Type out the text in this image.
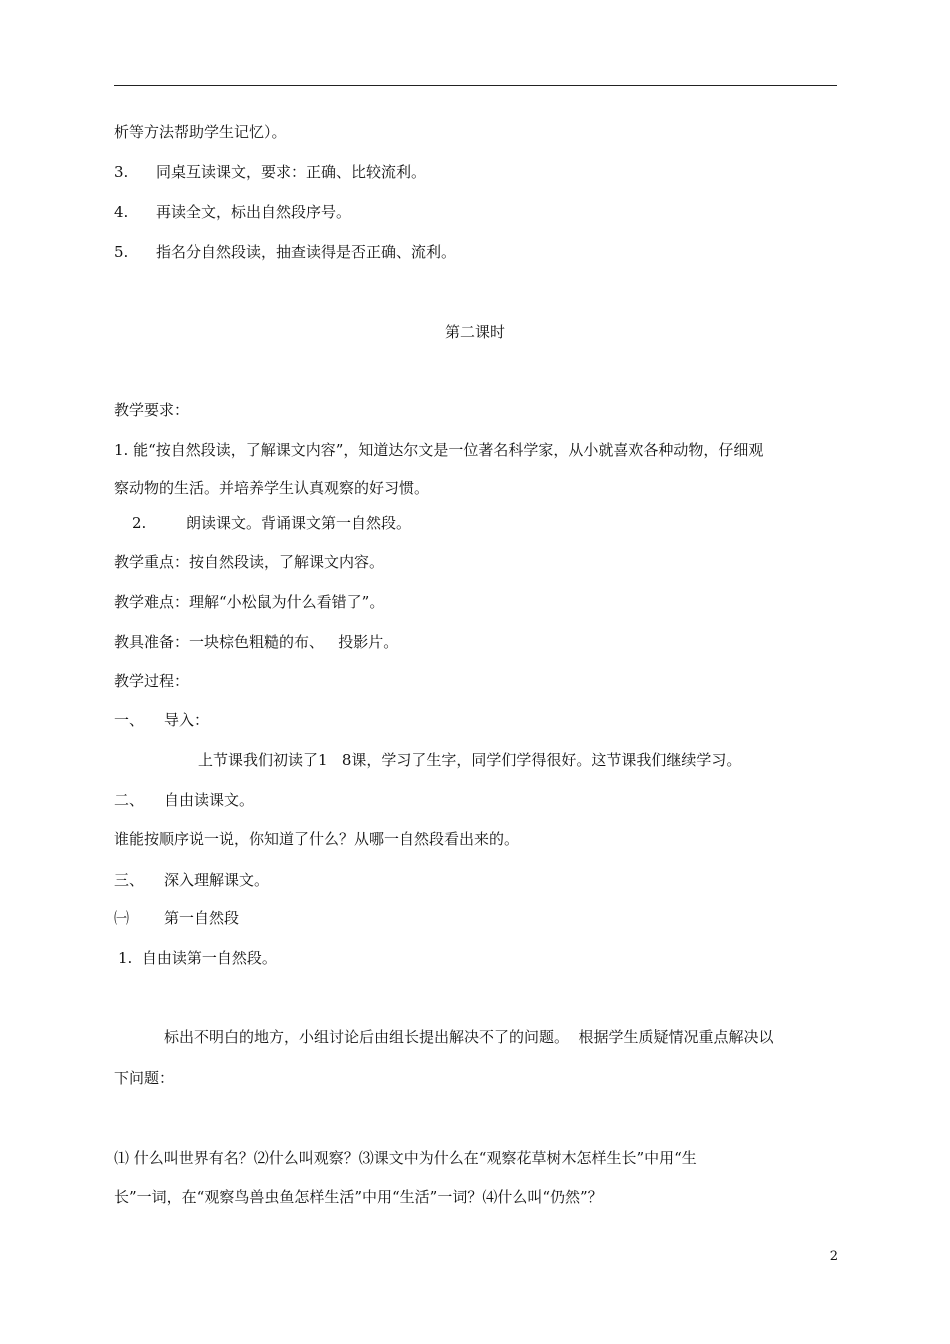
析等方法帮助学生记忆）。
3. 同桌互读课文，要求：正确、比较流利。
4. 再读全文，标出自然段序号。
5. 指名分自然段读，抽查读得是否正确、流利。
第二课时
教学要求：
1. 能“按自然段读，了解课文内容”，知道达尔文是一位著名科学家，从小就喜欢各种动物，仔细观
察动物的生活。并培养学生认真观察的好习惯。
2.	朗读课文。背诵课文第一自然段。
教学重点：按自然段读，了解课文内容。
教学难点：理解“小松鼠为什么看错了”。
教具准备：一块棕色粗糙的布、   投影片。
教学过程：
一、 导入：
上节课我们初读了1   8课，学习了生字，同学们学得很好。这节课我们继续学习。
二、 自由读课文。
谁能按顺序说一说，你知道了什么？从哪一自然段看出来的。
三、 深入理解课文。
㈠ 第一自然段
1.  自由读第一自然段。
标出不明白的地方，小组讨论后由组长提出解决不了的问题。  根据学生质疑情况重点解决以
下问题：
⑴ 什么叫世界有名？⑵什么叫观察？⑶课文中为什么在“观察花草树木怎样生长”中用“生
长”一词，在“观察鸟兽虫鱼怎样生活”中用“生活”一词？⑷什么叫“仍然”？
2
